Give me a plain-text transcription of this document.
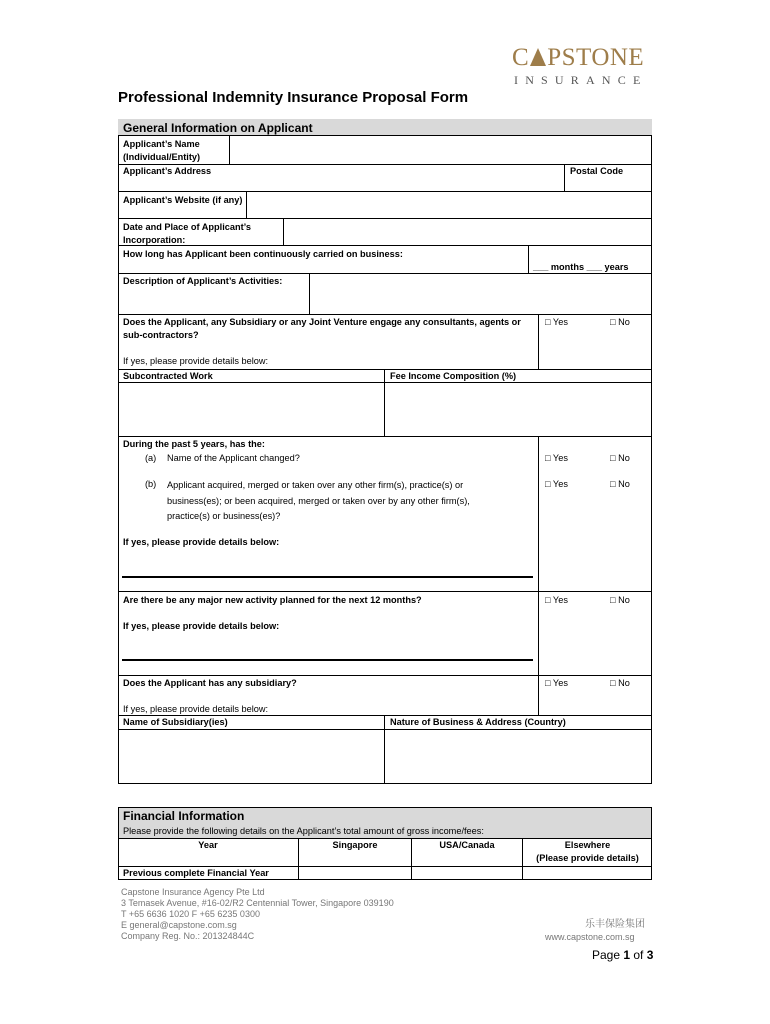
C PSTONE
INSURANCE
Professional Indemnity Insurance Proposal Form
General Information on Applicant
Applicant’s Name
(Individual/Entity)
Applicant’s Address	Postal Code
Applicant’s Website (if any)
Date and Place of Applicant’s
Incorporation:
How long has Applicant been continuously carried on business:
___ months ___ years
Description of Applicant’s Activities:
Does the Applicant, any Subsidiary or any Joint Venture engage any consultants, agents or
sub-contractors?
□ Yes	□ No
If yes, please provide details below:
Subcontracted Work	Fee Income Composition (%)
During the past 5 years, has the:
(a) Name of the Applicant changed?	□ Yes	□ No
(b) Applicant acquired, merged or taken over any other firm(s), practice(s) or
business(es); or been acquired, merged or taken over by any other firm(s),
practice(s) or business(es)?
□ Yes	□ No
If yes, please provide details below:
Are there be any major new activity planned for the next 12 months?	□ Yes	□ No
If yes, please provide details below:
Does the Applicant has any subsidiary?	□ Yes	□ No
If yes, please provide details below:
Name of Subsidiary(ies)	Nature of Business & Address (Country)
Financial Information
Please provide the following details on the Applicant’s total amount of gross income/fees:
Year	Singapore	USA/Canada	Elsewhere
(Please provide details)
Previous complete Financial Year
Capstone Insurance Agency Pte Ltd
3 Temasek Avenue, #16-02/R2 Centennial Tower, Singapore 039190
T +65 6636 1020 F +65 6235 0300
E general@capstone.com.sg
Company Reg. No.: 201324844C
乐丰保险集团
www.capstone.com.sg
Page 1 of 3
